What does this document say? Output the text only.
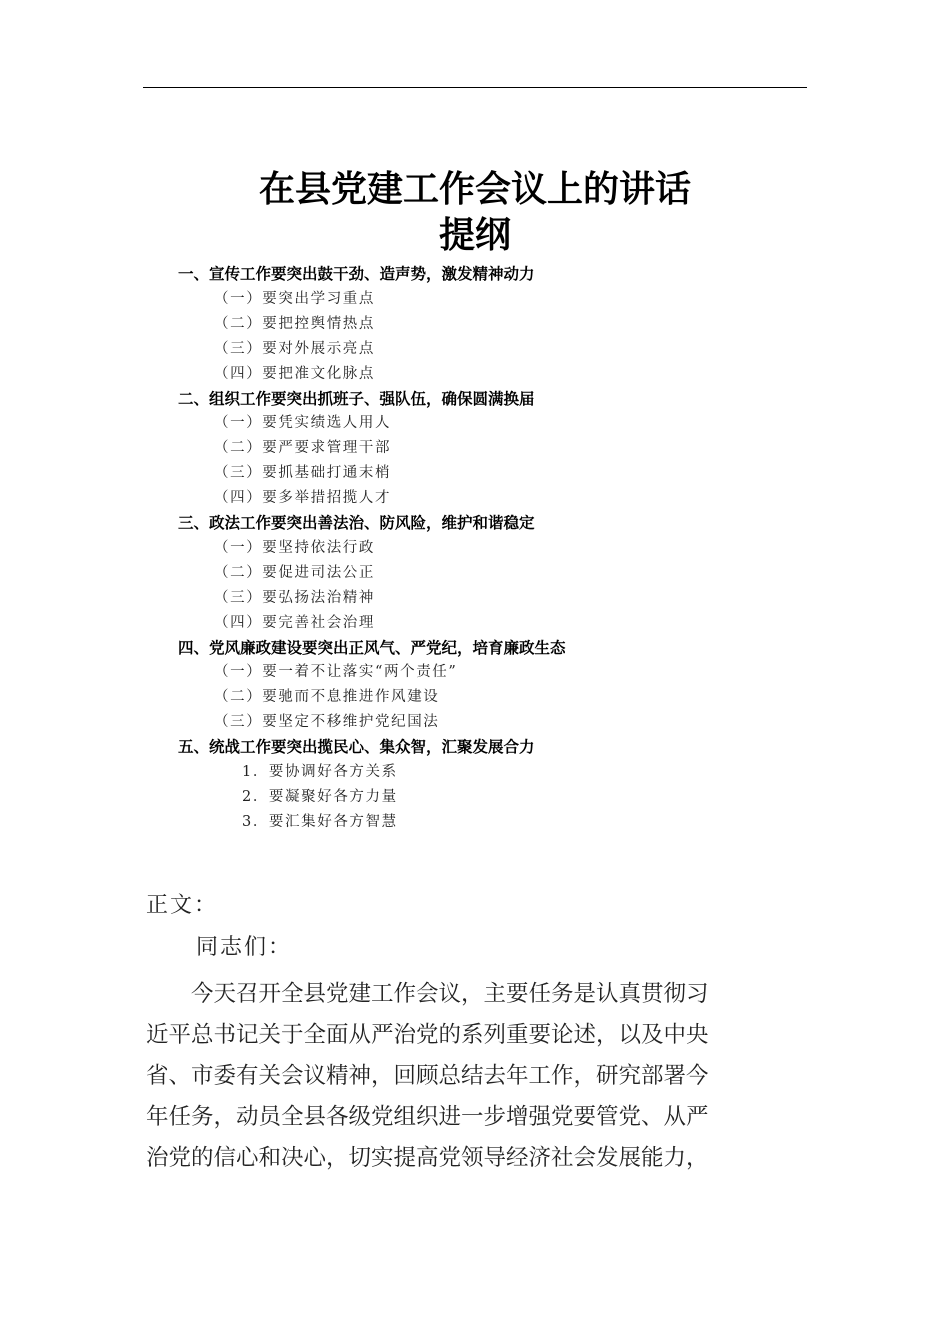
在县党建工作会议上的讲话
提纲
一、宣传工作要突出鼓干劲、造声势，激发精神动力
（一）要突出学习重点
（二）要把控舆情热点
（三）要对外展示亮点
（四）要把准文化脉点
二、组织工作要突出抓班子、强队伍，确保圆满换届
（一）要凭实绩选人用人
（二）要严要求管理干部
（三）要抓基础打通末梢
（四）要多举措招揽人才
三、政法工作要突出善法治、防风险，维护和谐稳定
（一）要坚持依法行政
（二）要促进司法公正
（三）要弘扬法治精神
（四）要完善社会治理
四、党风廉政建设要突出正风气、严党纪，培育廉政生态
（一）要一着不让落实“两个责任”
（二）要驰而不息推进作风建设
（三）要坚定不移维护党纪国法
五、统战工作要突出揽民心、集众智，汇聚发展合力
1．要协调好各方关系
2．要凝聚好各方力量
3．要汇集好各方智慧
正文：
同志们：
　　今天召开全县党建工作会议，主要任务是认真贯彻习
近平总书记关于全面从严治党的系列重要论述，以及中央
省、市委有关会议精神，回顾总结去年工作，研究部署今
年任务，动员全县各级党组织进一步增强党要管党、从严
治党的信心和决心，切实提高党领导经济社会发展能力，
